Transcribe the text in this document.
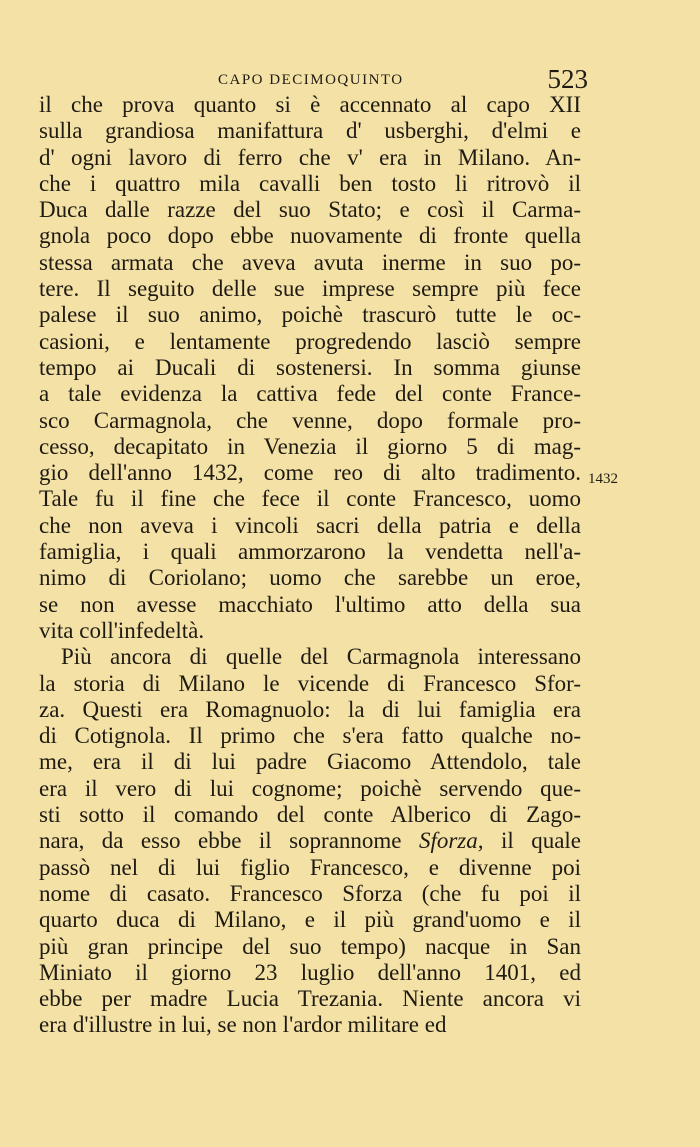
CAPO DECIMOQUINTO	523
il che prova quanto si è accennato al capo XII
sulla grandiosa manifattura d' usberghi, d'elmi e
d' ogni lavoro di ferro che v' era in Milano. An-
che i quattro mila cavalli ben tosto li ritrovò il
Duca dalle razze del suo Stato; e così il Carma-
gnola poco dopo ebbe nuovamente di fronte quella
stessa armata che aveva avuta inerme in suo po-
tere. Il seguito delle sue imprese sempre più fece
palese il suo animo, poichè trascurò tutte le oc-
casioni, e lentamente progredendo lasciò sempre
tempo ai Ducali di sostenersi. In somma giunse
a tale evidenza la cattiva fede del conte France-
sco Carmagnola, che venne, dopo formale pro-
cesso, decapitato in Venezia il giorno 5 di mag-
gio dell'anno 1432, come reo di alto tradimento.
Tale fu il fine che fece il conte Francesco, uomo
che non aveva i vincoli sacri della patria e della
famiglia, i quali ammorzarono la vendetta nell'a-
nimo di Coriolano; uomo che sarebbe un eroe,
se non avesse macchiato l'ultimo atto della sua
vita coll'infedeltà.
Più ancora di quelle del Carmagnola interessano
la storia di Milano le vicende di Francesco Sfor-
za. Questi era Romagnuolo: la di lui famiglia era
di Cotignola. Il primo che s'era fatto qualche no-
me, era il di lui padre Giacomo Attendolo, tale
era il vero di lui cognome; poichè servendo que-
sti sotto il comando del conte Alberico di Zago-
nara, da esso ebbe il soprannome Sforza, il quale
passò nel di lui figlio Francesco, e divenne poi
nome di casato. Francesco Sforza (che fu poi il
quarto duca di Milano, e il più grand'uomo e il
più gran principe del suo tempo) nacque in San
Miniato il giorno 23 luglio dell'anno 1401, ed
ebbe per madre Lucia Trezania. Niente ancora vi
era d'illustre in lui, se non l'ardor militare ed
1432
